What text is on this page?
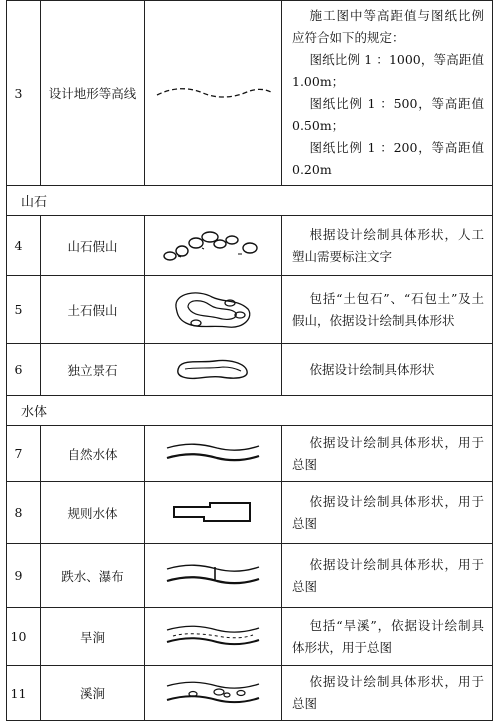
3	设计地形等高线		施工图中等高距值与图纸比例应符合如下的规定：
图纸比例 1 ：1000，等高距值 1.00m；
图纸比例 1 ：500，等高距值 0.50m；
图纸比例 1 ：200，等高距值 0.20m

山石			
4	山石假山		根据设计绘制具体形状，人工塑山需要标注文字

5	土石假山		包括“土包石”、“石包土”及土假山，依据设计绘制具体形状

6	独立景石		依据设计绘制具体形状

水体			
7	自然水体		依据设计绘制具体形状，用于总图

8	规则水体		依据设计绘制具体形状，用于总图

9	跌水、瀑布		依据设计绘制具体形状，用于总图

10	旱涧		包括“旱溪”，依据设计绘制具体形状，用于总图

11	溪涧		依据设计绘制具体形状，用于总图
